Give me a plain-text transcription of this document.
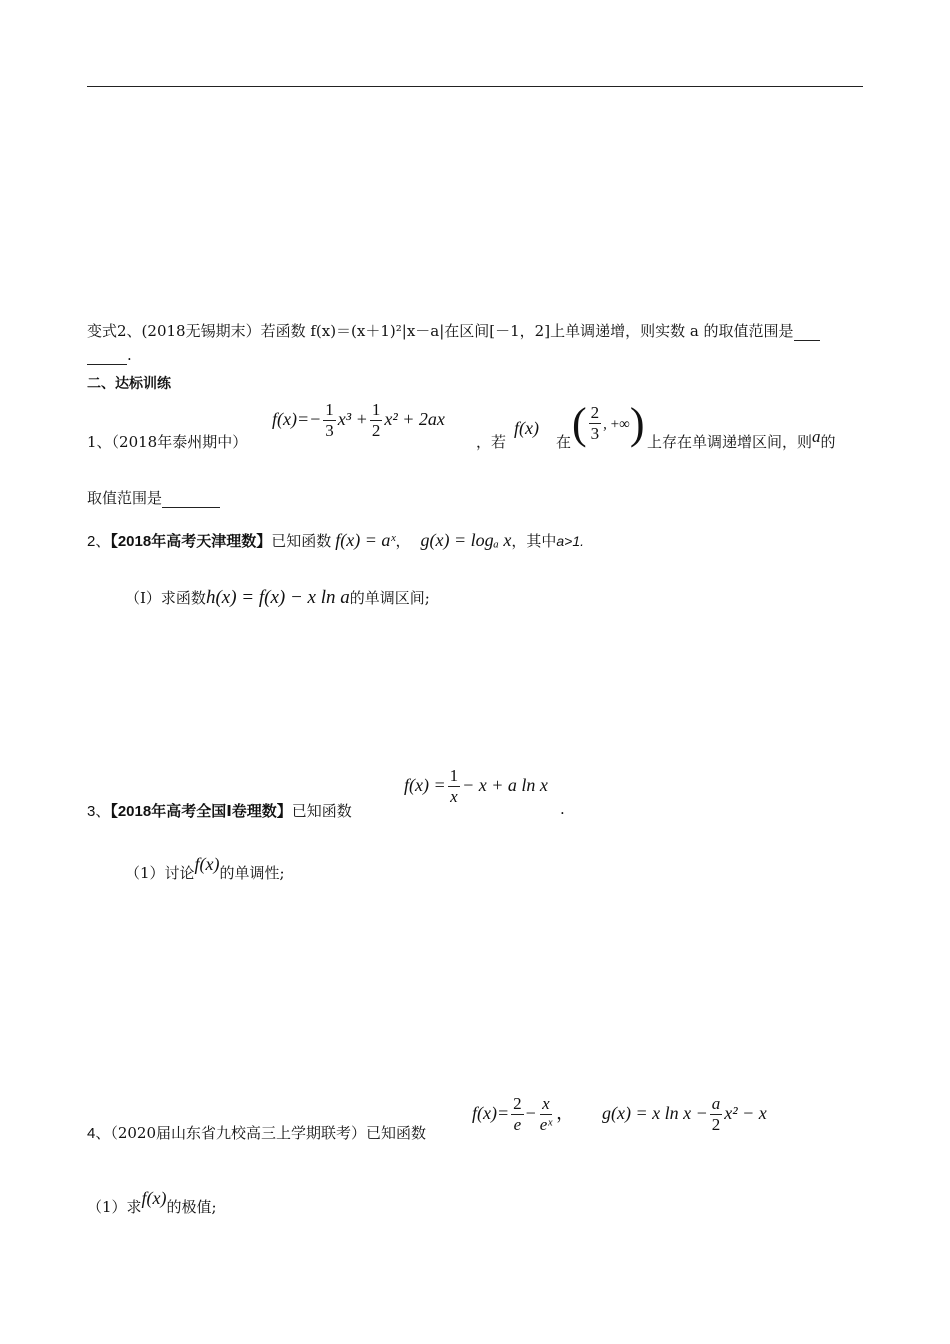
变式2、(2018无锡期末）若函数 f(x)＝(x＋1)²|x－a|在区间[－1，2]上单调递增，则实数 a 的取值范围是
.
二、达标训练
1、（2018年泰州期中）
$f(x)=- \frac{1}{3} x^3 + \frac{1}{2} x^2 + 2ax$
，若
f(x)
在 ( $\frac{2}{3}$ , +∞) 上存在单调递增区间，则a的
取值范围是
2、【2018年高考天津理数】已知函数 f(x) = aˣ， g(x) = logₐ x，其中a>1.
（I）求函数h(x) = f(x) − x ln a的单调区间;
3、【2018年高考全国Ⅰ卷理数】已知函数
$f(x) = \frac{1}{x} - x + a$ ln x
.
（1）讨论f(x)的单调性;
4、（2020届山东省九校高三上学期联考）已知函数
$f(x)= \frac{2}{e} - \frac{x}{\text{eˣ}}$ ， g(x) = x $\ln x - \frac{a}{2} x^2 - x$
（1）求f(x)的极值;
